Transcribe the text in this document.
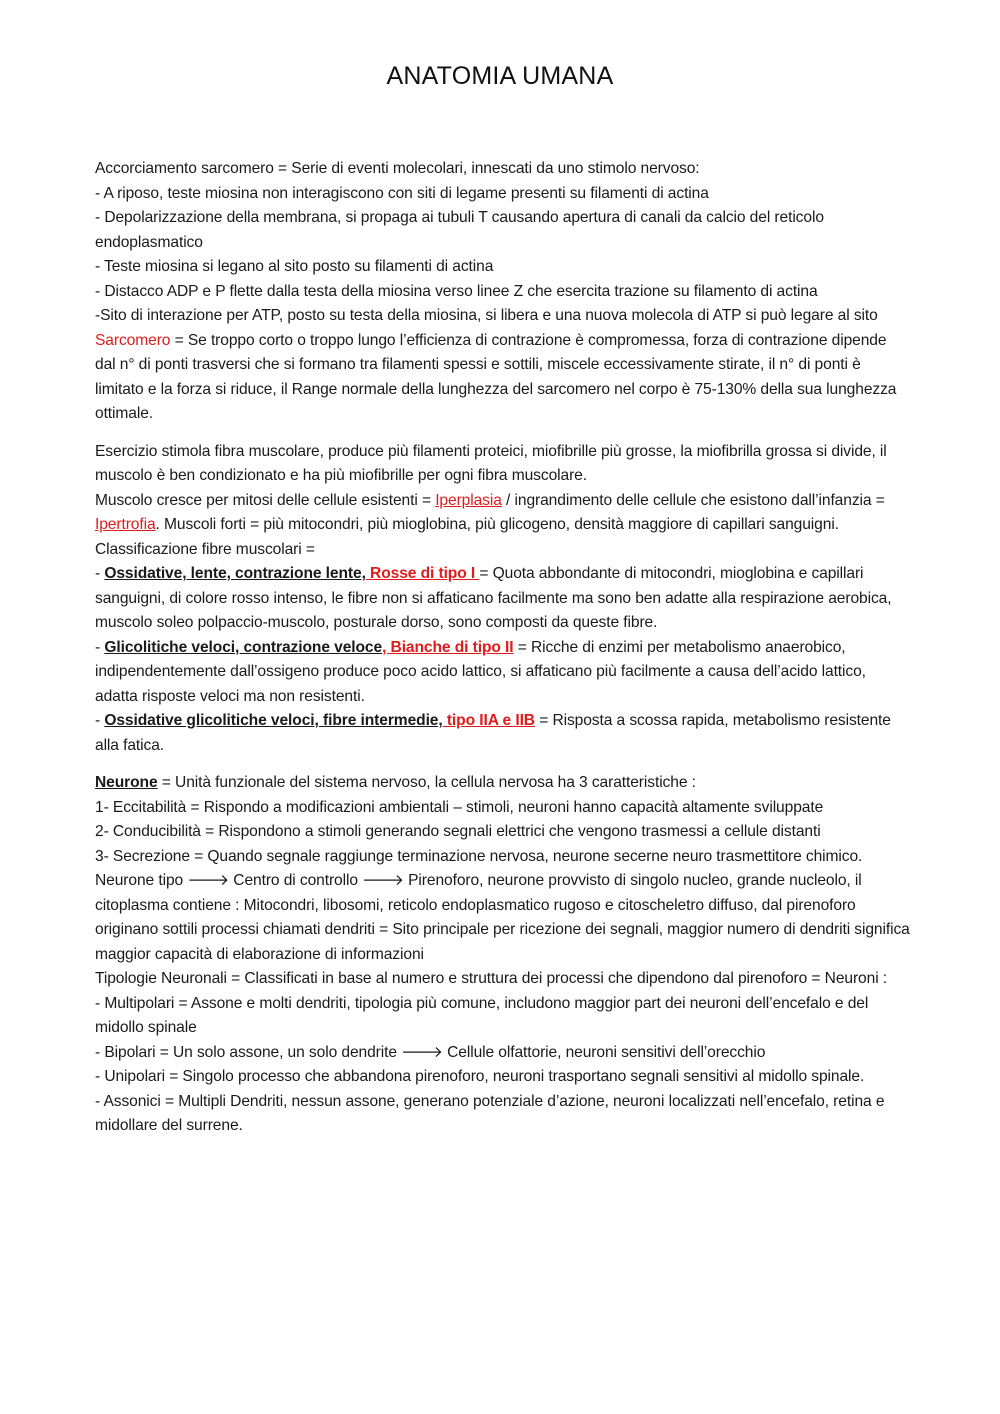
ANATOMIA UMANA

Accorciamento sarcomero = Serie di eventi molecolari, innescati da uno stimolo nervoso:

- A riposo, teste miosina non interagiscono con siti di legame presenti su filamenti di actina

- Depolarizzazione della membrana, si propaga ai tubuli T causando apertura di canali da calcio del reticolo endoplasmatico

- Teste miosina si legano al sito posto su filamenti di actina

- Distacco ADP e P flette dalla testa della miosina verso linee Z che esercita trazione su filamento di actina

-Sito di interazione per ATP, posto su testa della miosina, si libera e una nuova molecola di ATP si può legare al sito

Sarcomero = Se troppo corto o troppo lungo l’efficienza di contrazione è compromessa, forza di contrazione dipende dal n° di ponti trasversi che si formano tra filamenti spessi e sottili, miscele eccessivamente stirate, il n° di ponti è limitato e la forza si riduce, il Range normale della lunghezza del sarcomero nel corpo è 75-130% della sua lunghezza ottimale.

Esercizio stimola fibra muscolare, produce più filamenti proteici, miofibrille più grosse, la miofibrilla grossa si divide, il muscolo è ben condizionato e ha più miofibrille per ogni fibra muscolare.

Muscolo cresce per mitosi delle cellule esistenti = Iperplasia / ingrandimento delle cellule che esistono dall’infanzia = Ipertrofia. Muscoli forti = più mitocondri, più mioglobina, più glicogeno, densità maggiore di capillari sanguigni.

Classificazione fibre muscolari =

- Ossidative, lente, contrazione lente, Rosse di tipo I = Quota abbondante di mitocondri, mioglobina e capillari sanguigni, di colore rosso intenso, le fibre non si affaticano facilmente ma sono ben adatte alla respirazione aerobica, muscolo soleo polpaccio-muscolo, posturale dorso, sono composti da queste fibre.

- Glicolitiche veloci, contrazione veloce, Bianche di tipo II = Ricche di enzimi per metabolismo anaerobico, indipendentemente dall’ossigeno produce poco acido lattico, si affaticano più facilmente a causa dell’acido lattico, adatta risposte veloci ma non resistenti.

- Ossidative glicolitiche veloci, fibre intermedie, tipo IIA e IIB = Risposta a scossa rapida, metabolismo resistente alla fatica.

Neurone = Unità funzionale del sistema nervoso, la cellula nervosa ha 3 caratteristiche :

1- Eccitabilità = Rispondo a modificazioni ambientali – stimoli, neuroni hanno capacità altamente sviluppate

2- Conducibilità = Rispondono a stimoli generando segnali elettrici che vengono trasmessi a cellule distanti

3- Secrezione = Quando segnale raggiunge terminazione nervosa, neurone secerne neuro trasmettitore chimico.

Neurone tipo 🡒 Centro di controllo 🡒 Pirenoforo, neurone provvisto di singolo nucleo, grande nucleolo, il citoplasma contiene : Mitocondri, libosomi, reticolo endoplasmatico rugoso e citoscheletro diffuso, dal pirenoforo originano sottili processi chiamati dendriti = Sito principale per ricezione dei segnali, maggior numero di dendriti significa maggior capacità di elaborazione di informazioni

Tipologie Neuronali = Classificati in base al numero e struttura dei processi che dipendono dal pirenoforo = Neuroni :

- Multipolari = Assone e molti dendriti, tipologia più comune, includono maggior part dei neuroni dell’encefalo e del midollo spinale

- Bipolari = Un solo assone, un solo dendrite 🡒 Cellule olfattorie, neuroni sensitivi dell’orecchio

- Unipolari = Singolo processo che abbandona pirenoforo, neuroni trasportano segnali sensitivi al midollo spinale.

- Assonici = Multipli Dendriti, nessun assone, generano potenziale d’azione, neuroni localizzati nell’encefalo, retina e midollare del surrene.
